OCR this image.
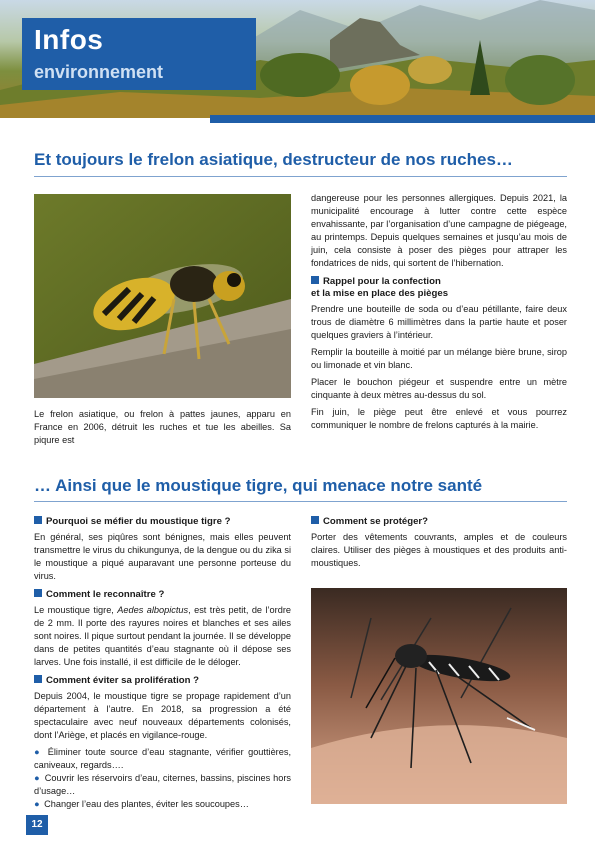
Infos
environnement
Et toujours le frelon asiatique, destructeur de nos ruches…

Le frelon asiatique, ou frelon à pattes jaunes, apparu en France en 2006, détruit les ruches et tue les abeilles. Sa piqure est

dangereuse pour les personnes allergiques. Depuis 2021, la municipalité encourage à lutter contre cette espèce envahissante, par l’organisation d’une campagne de piégeage, au printemps. Depuis quelques semaines et jusqu’au mois de juin, cela consiste à poser des pièges pour attraper les fondatrices de nids, qui sortent de l’hibernation.

Rappel pour la confection
et la mise en place des pièges

Prendre une bouteille de soda ou d’eau pétillante, faire deux trous de diamètre 6 millimètres dans la partie haute et poser quelques graviers à l’intérieur.

Remplir la bouteille à moitié par un mélange bière brune, sirop ou limonade et vin blanc.

Placer le bouchon piégeur et suspendre entre un mètre cinquante à deux mètres au-dessus du sol.

Fin juin, le piège peut être enlevé et vous pourrez communiquer le nombre de frelons capturés à la mairie.

… Ainsi que le moustique tigre, qui menace notre santé
Pourquoi se méfier du moustique tigre ?

En général, ses piqûres sont bénignes, mais elles peuvent transmettre le virus du chikungunya, de la dengue ou du zika si le moustique a piqué auparavant une personne porteuse du virus.

Comment le reconnaître ?

Le moustique tigre, Aedes albopictus, est très petit, de l’ordre de 2 mm. Il porte des rayures noires et blanches et ses ailes sont noires. Il pique surtout pendant la journée. Il se développe dans de petites quantités d’eau stagnante où il dépose ses larves. Une fois installé, il est difficile de le déloger.

Comment éviter sa prolifération ?

Depuis 2004, le moustique tigre se propage rapidement d’un département à l’autre. En 2018, sa progression a été spectaculaire avec neuf nouveaux départements colonisés, dont l’Ariège, et placés en vigilance-rouge.

● Éliminer toute source d’eau stagnante, vérifier gouttières, caniveaux, regards….
● Couvrir les réservoirs d’eau, citernes, bassins, piscines hors d’usage…
● Changer l’eau des plantes, éviter les soucoupes…
Comment se protéger?

Porter des vêtements couvrants, amples et de couleurs claires. Utiliser des pièges à moustiques et des produits anti-moustiques.

12
